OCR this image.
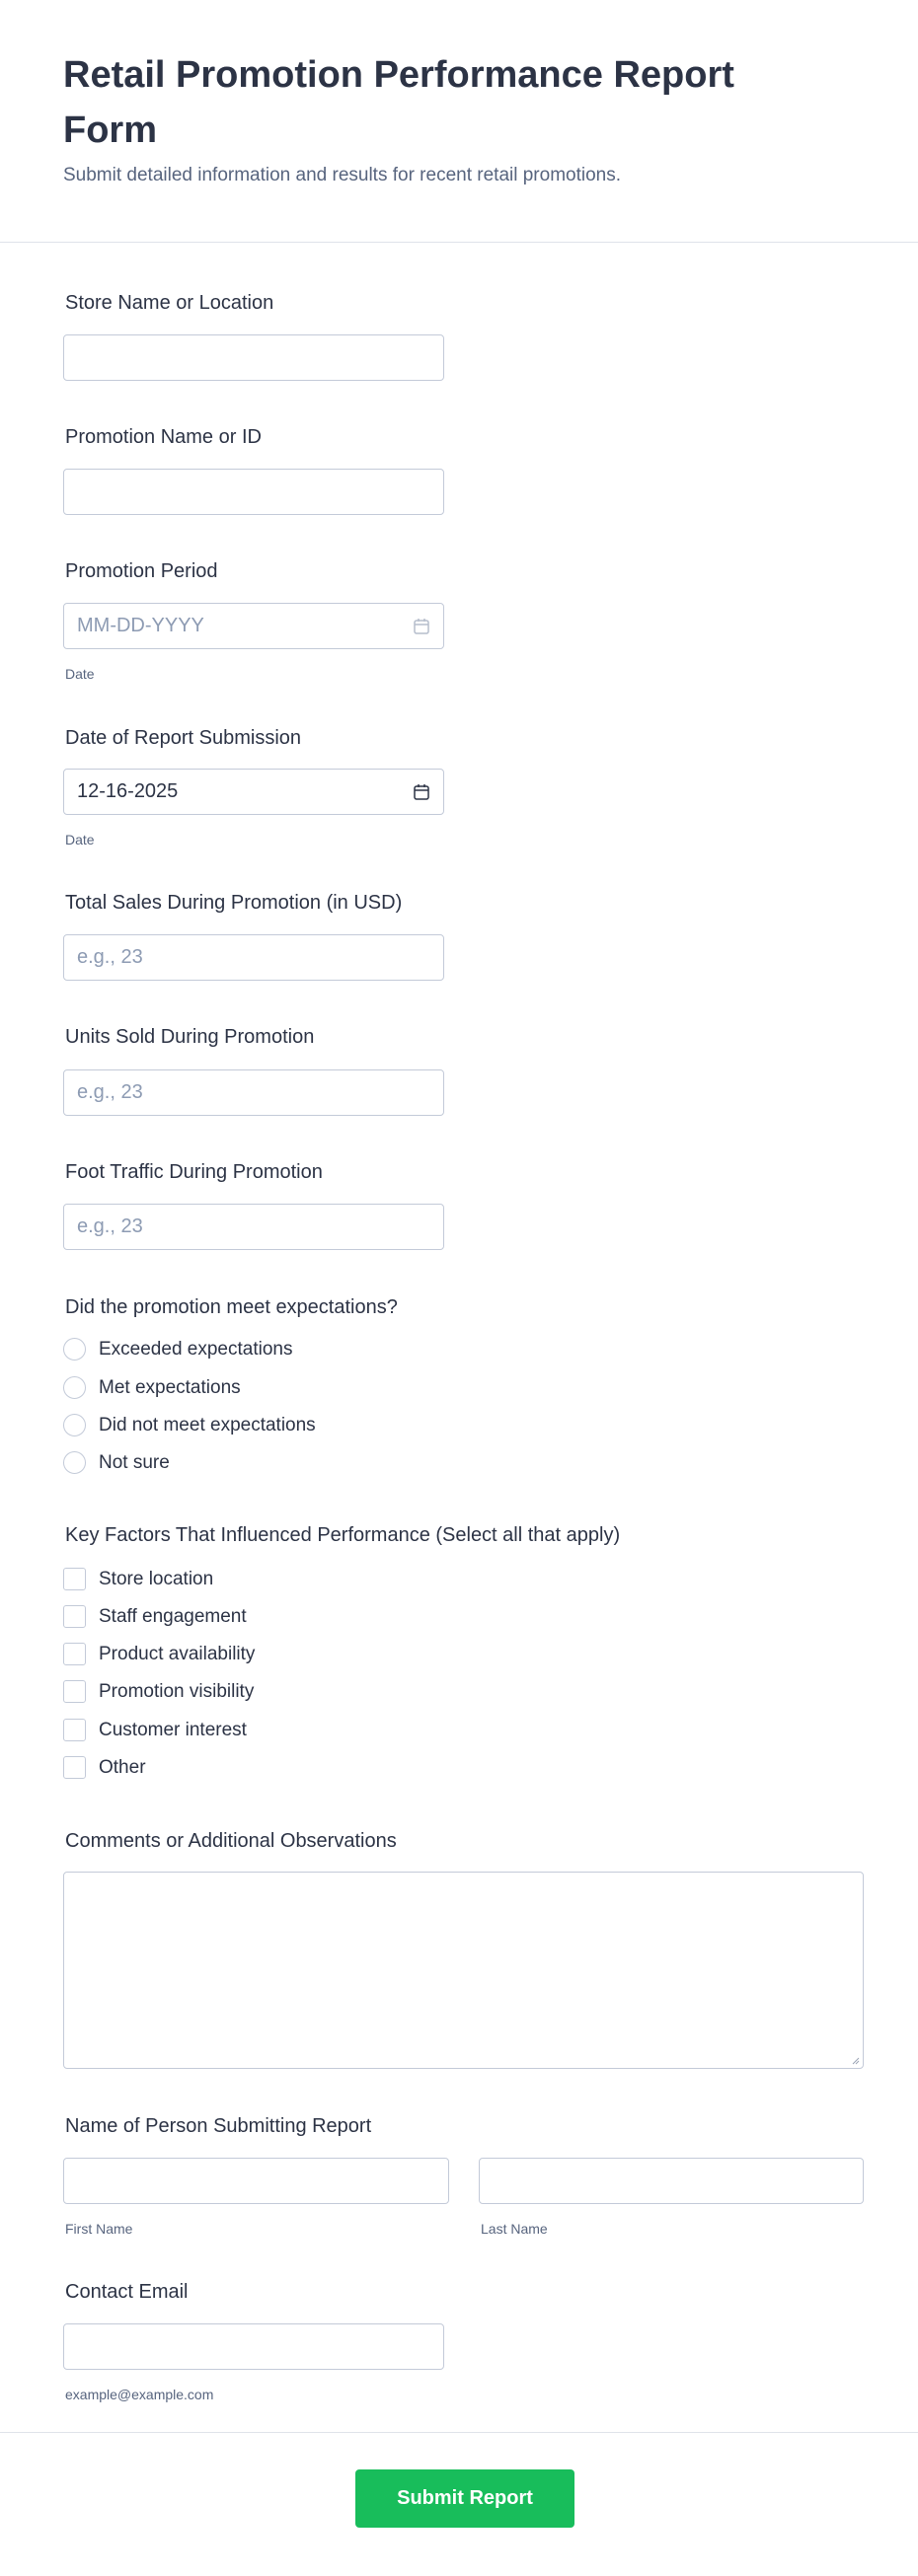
Retail Promotion Performance Report Form
Submit detailed information and results for recent retail promotions.
Store Name or Location
Promotion Name or ID
Promotion Period
MM-DD-YYYY
Date
Date of Report Submission
12-16-2025
Date
Total Sales During Promotion (in USD)
e.g., 23
Units Sold During Promotion
e.g., 23
Foot Traffic During Promotion
e.g., 23
Did the promotion meet expectations?
Exceeded expectations
Met expectations
Did not meet expectations
Not sure
Key Factors That Influenced Performance (Select all that apply)
Store location
Staff engagement
Product availability
Promotion visibility
Customer interest
Other
Comments or Additional Observations
Name of Person Submitting Report
First Name	Last Name
Contact Email
example@example.com
Submit Report
